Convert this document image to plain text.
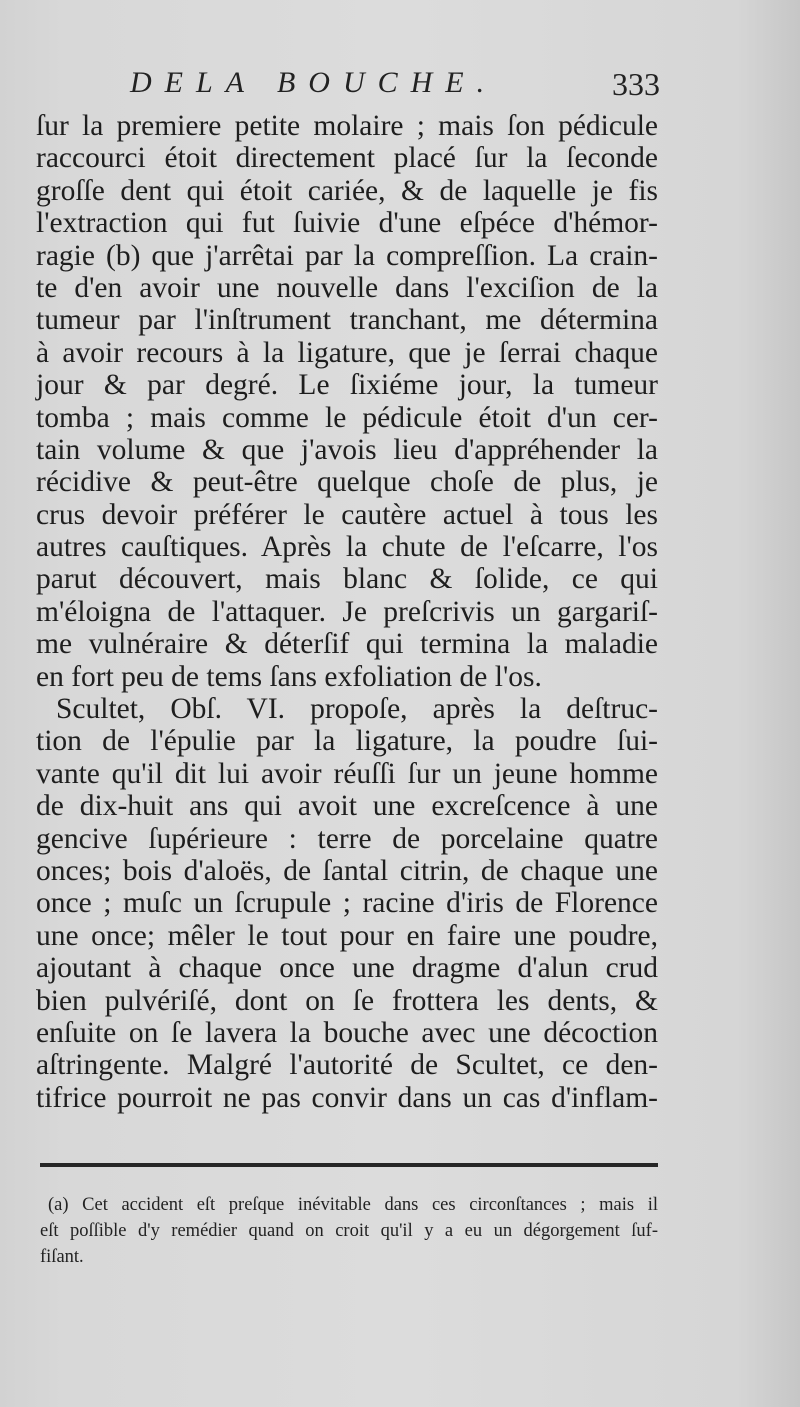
DELA BOUCHE.	333
ſur la premiere petite molaire ; mais ſon pédicule
raccourci étoit directement placé ſur la ſeconde
groſſe dent qui étoit cariée, & de laquelle je fis
l'extraction qui fut ſuivie d'une eſpéce d'hémor-
ragie (b) que j'arrêtai par la compreſſion. La crain-
te d'en avoir une nouvelle dans l'exciſion de la
tumeur par l'inſtrument tranchant, me détermina
à avoir recours à la ligature, que je ſerrai chaque
jour & par degré. Le ſixiéme jour, la tumeur
tomba ; mais comme le pédicule étoit d'un cer-
tain volume & que j'avois lieu d'appréhender la
récidive & peut-être quelque choſe de plus, je
crus devoir préférer le cautère actuel à tous les
autres cauſtiques. Après la chute de l'eſcarre, l'os
parut découvert, mais blanc & ſolide, ce qui
m'éloigna de l'attaquer. Je preſcrivis un gargariſ-
me vulnéraire & déterſif qui termina la maladie
en fort peu de tems ſans exfoliation de l'os.
Scultet, Obſ. VI. propoſe, après la deſtruc-
tion de l'épulie par la ligature, la poudre ſui-
vante qu'il dit lui avoir réuſſi ſur un jeune homme
de dix-huit ans qui avoit une excreſcence à une
gencive ſupérieure : terre de porcelaine quatre
onces; bois d'aloës, de ſantal citrin, de chaque une
once ; muſc un ſcrupule ; racine d'iris de Florence
une once; mêler le tout pour en faire une poudre,
ajoutant à chaque once une dragme d'alun crud
bien pulvériſé, dont on ſe frottera les dents, &
enſuite on ſe lavera la bouche avec une décoction
aſtringente. Malgré l'autorité de Scultet, ce den-
tifrice pourroit ne pas convir dans un cas d'inflam-
(a) Cet accident eſt preſque inévitable dans ces circonſtances ; mais il
eſt poſſible d'y remédier quand on croit qu'il y a eu un dégorgement ſuf-
fiſant.
